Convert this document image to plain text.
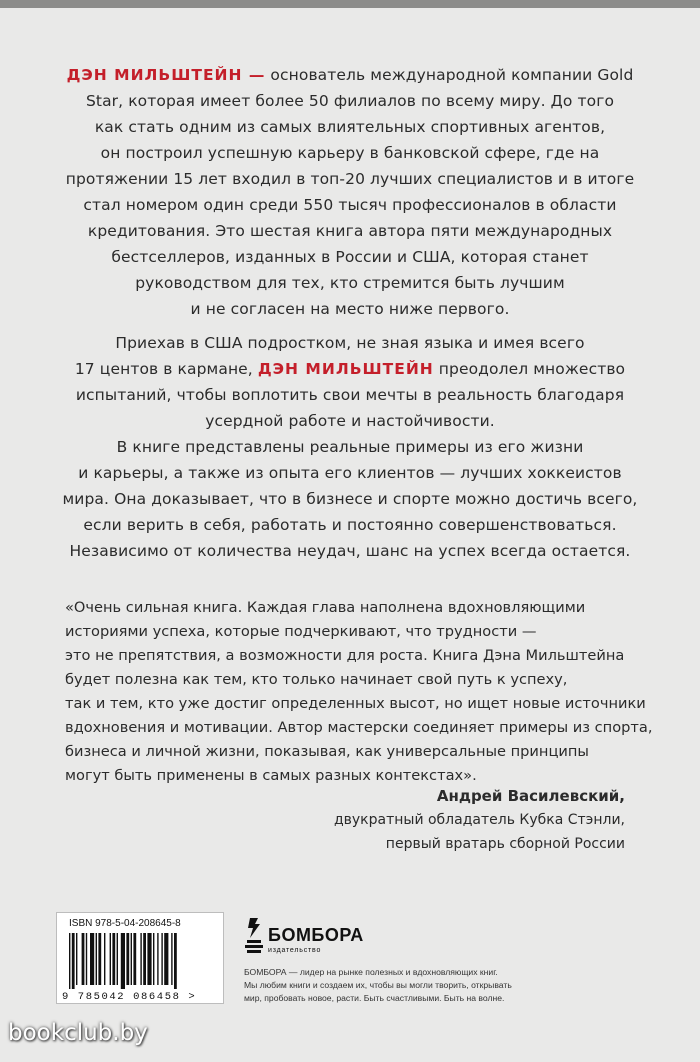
ДЭН МИЛЬШТЕЙН — основатель международной компании Gold
Star, которая имеет более 50 филиалов по всему миру. До того
как стать одним из самых влиятельных спортивных агентов,
он построил успешную карьеру в банковской сфере, где на
протяжении 15 лет входил в топ-20 лучших специалистов и в итоге
стал номером один среди 550 тысяч профессионалов в области
кредитования. Это шестая книга автора пяти международных
бестселлеров, изданных в России и США, которая станет
руководством для тех, кто стремится быть лучшим
и не согласен на место ниже первого.
Приехав в США подростком, не зная языка и имея всего
17 центов в кармане, ДЭН МИЛЬШТЕЙН преодолел множество
испытаний, чтобы воплотить свои мечты в реальность благодаря
усердной работе и настойчивости.
В книге представлены реальные примеры из его жизни
и карьеры, а также из опыта его клиентов — лучших хоккеистов
мира. Она доказывает, что в бизнесе и спорте можно достичь всего,
если верить в себя, работать и постоянно совершенствоваться.
Независимо от количества неудач, шанс на успех всегда остается.
«Очень сильная книга. Каждая глава наполнена вдохновляющими
историями успеха, которые подчеркивают, что трудности —
это не препятствия, а возможности для роста. Книга Дэна Мильштейна
будет полезна как тем, кто только начинает свой путь к успеху,
так и тем, кто уже достиг определенных высот, но ищет новые источники
вдохновения и мотивации. Автор мастерски соединяет примеры из спорта,
бизнеса и личной жизни, показывая, как универсальные принципы
могут быть применены в самых разных контекстах».
Андрей Василевский,
двукратный обладатель Кубка Стэнли,
первый вратарь сборной России
ISBN 978-5-04-208645-8
9 785042 086458 >
БОМБОРА
издательство
БОМБОРА — лидер на рынке полезных и вдохновляющих книг.
Мы любим книги и создаем их, чтобы вы могли творить, открывать
мир, пробовать новое, расти. Быть счастливыми. Быть на волне.
bookclub.by
